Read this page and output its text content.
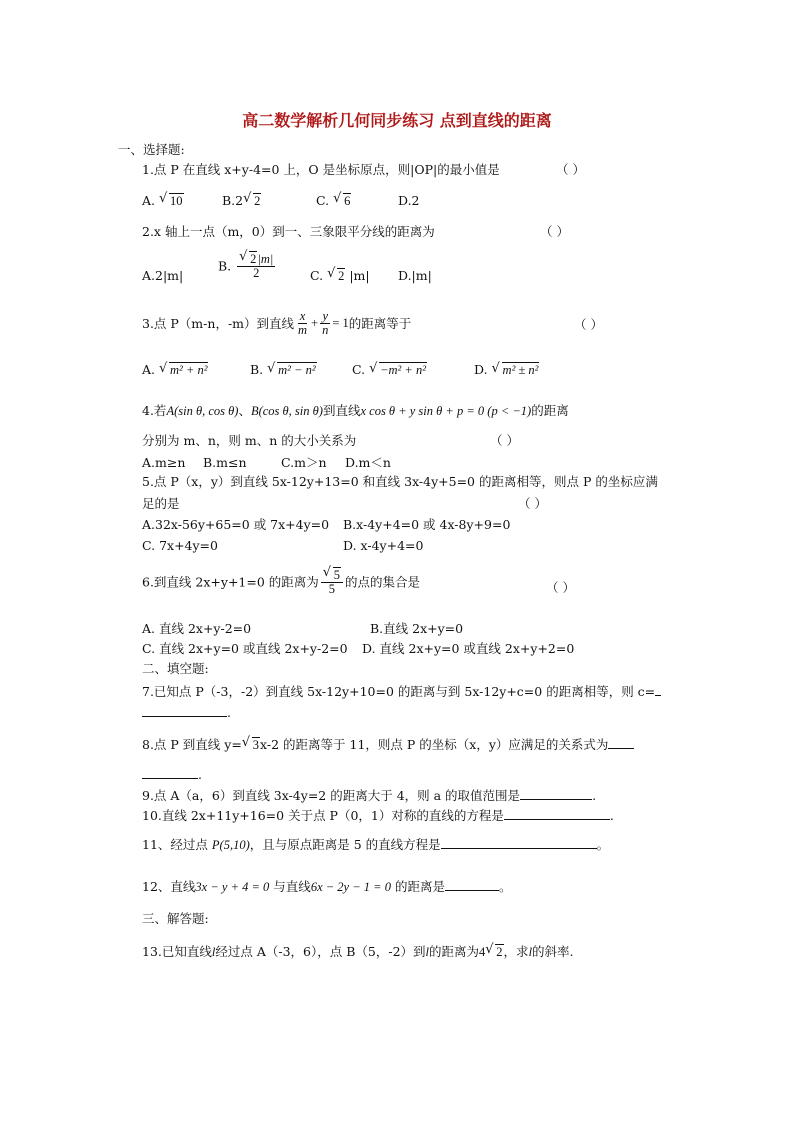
高二数学解析几何同步练习 点到直线的距离
一、选择题:
1.点 P 在直线 x+y-4=0 上，O 是坐标原点，则|OP|的最小值是	（ ）
A. √ 10	B.2 √ 2	C. √ 6	D.2
2.x 轴上一点（m，0）到一、三象限平分线的距离为	（ ）
A.2|m|
B. √ $\frac{2|m|}{2}$	C. √ 2 |m| D.|m|
3.点 P（m-n，-m）到直线 $\frac{x}{m} + \frac{y}{n} = 1$的距离等于	（ ）
A. √ m² + n²	B. √ m² − n²	C. √ −m² + n²	D. √ m² ± n²
4.若A(sin θ, cos θ)、B(cos θ, sin θ)到直线x cos θ + y sin θ + p = 0 (p < −1)的距离
分别为 m、n，则 m、n 的大小关系为	（ ）
A.m≥n B.m≤n	C.m＞n D.m＜n
5.点 P（x，y）到直线 5x-12y+13=0 和直线 3x-4y+5=0 的距离相等，则点 P 的坐标应满
足的是	（ ）
A.32x-56y+65=0 或 7x+4y=0 B.x-4y+4=0 或 4x-8y+9=0
C. 7x+4y=0	D. x-4y+4=0
6.到直线 2x+y+1=0 的距离为 √ $\frac{5}{5}$ 的点的集合是	（ ）
A. 直线 2x+y-2=0	B.直线 2x+y=0
C. 直线 2x+y=0 或直线 2x+y-2=0 D. 直线 2x+y=0 或直线 2x+y+2=0
二、填空题:
7.已知点 P（-3，-2）到直线 5x-12y+10=0 的距离与到 5x-12y+c=0 的距离相等，则 c=
.
8.点 P 到直线 y= √ 3x-2 的距离等于 11，则点 P 的坐标（x，y）应满足的关系式为
.
9.点 A（a，6）到直线 3x-4y=2 的距离大于 4，则 a 的取值范围是	.
10.直线 2x+11y+16=0 关于点 P（0，1）对称的直线的方程是	.
11、经过点 P(5,10)，且与原点距离是 5 的直线方程是	。
12、直线3x − y + 4 = 0 与直线6x − 2y − 1 = 0 的距离是	。
三、解答题:
13.已知直线l经过点 A（-3，6），点 B（5，-2）到l的距离为4 √ 2，求l的斜率.
